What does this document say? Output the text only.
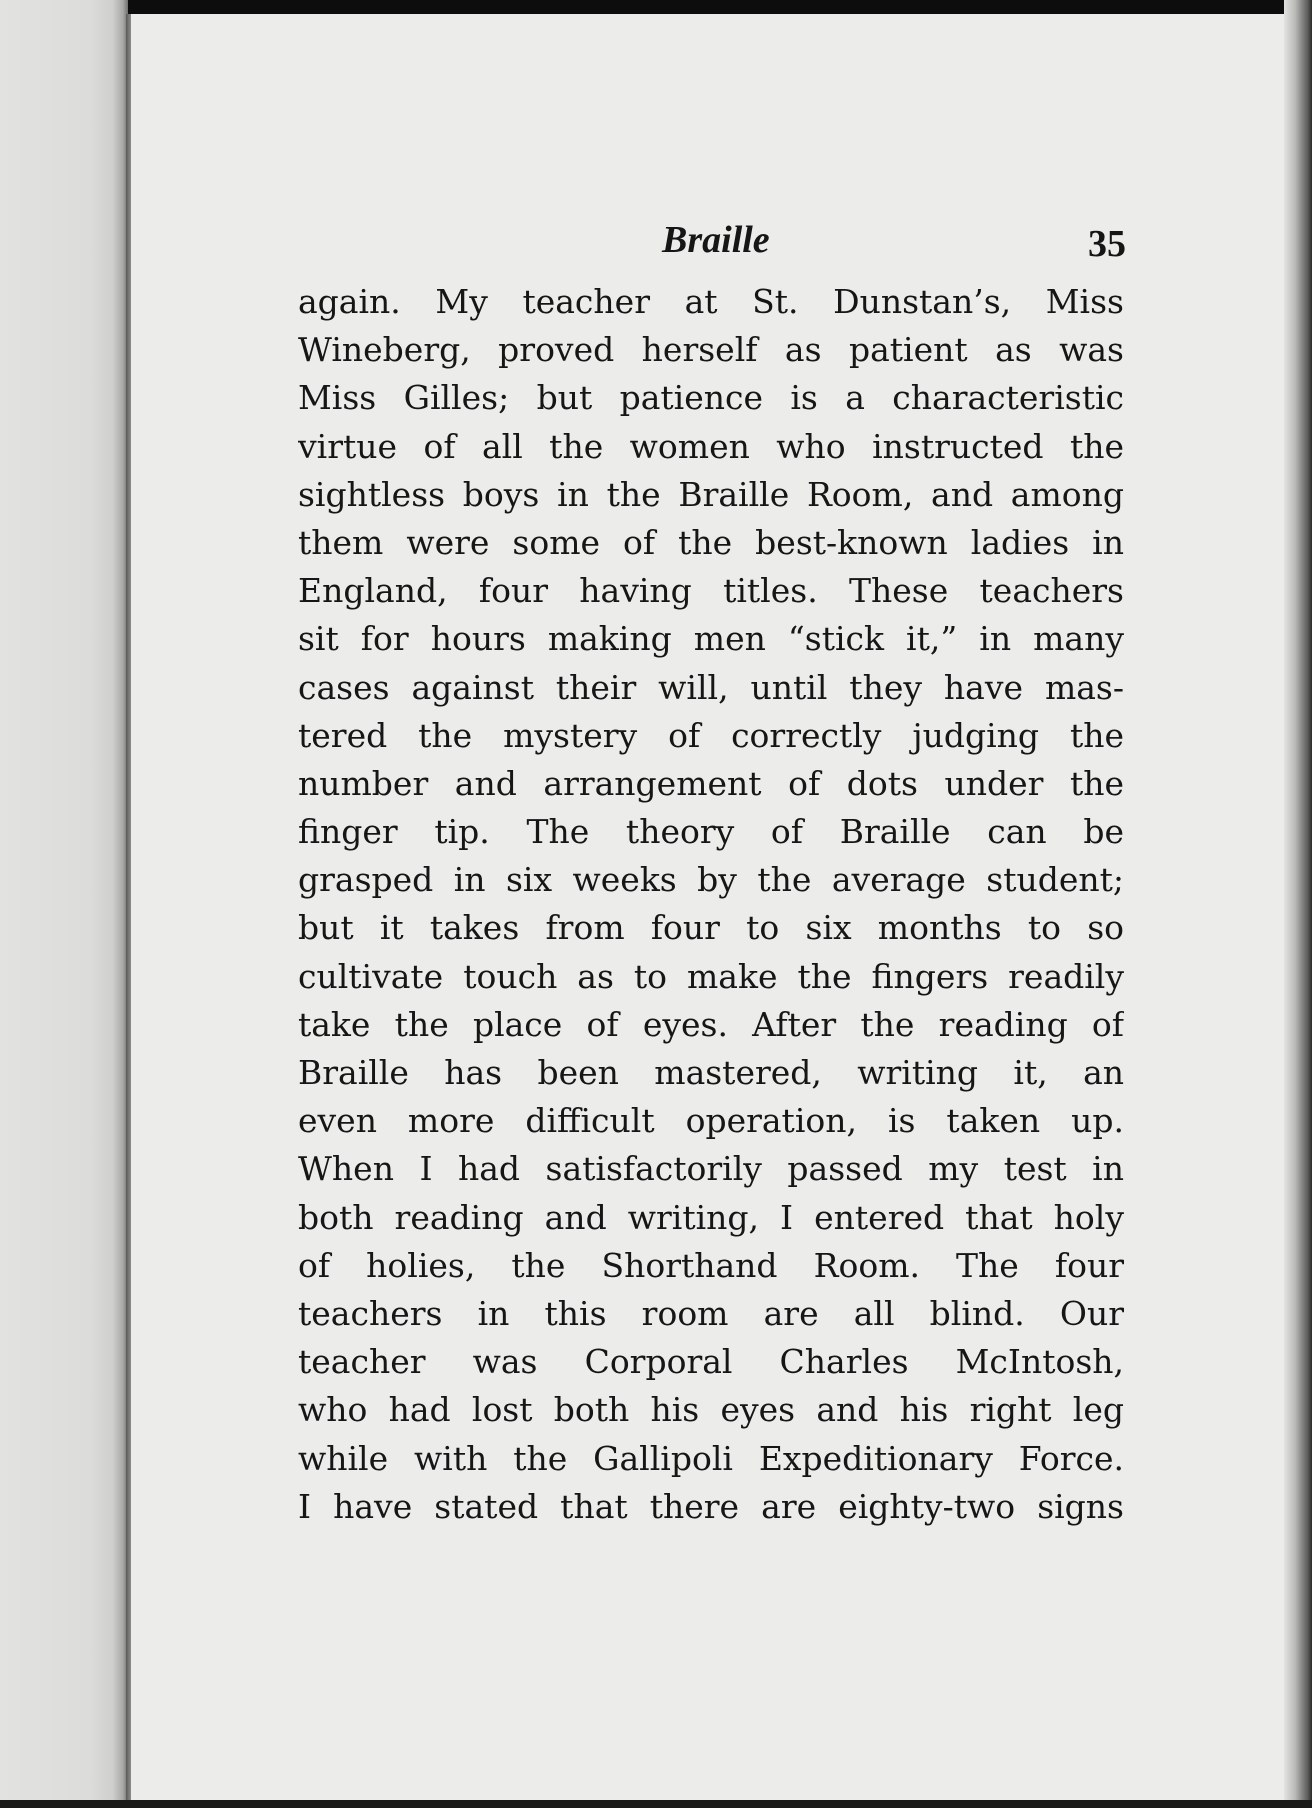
Braille	35
again. My teacher at St. Dunstan’s, Miss
Wineberg, proved herself as patient as was
Miss Gilles; but patience is a characteristic
virtue of all the women who instructed the
sightless boys in the Braille Room, and among
them were some of the best-known ladies in
England, four having titles. These teachers
sit for hours making men “stick it,” in many
cases against their will, until they have mas-
tered the mystery of correctly judging the
number and arrangement of dots under the
finger tip. The theory of Braille can be
grasped in six weeks by the average student;
but it takes from four to six months to so
cultivate touch as to make the fingers readily
take the place of eyes. After the reading of
Braille has been mastered, writing it, an
even more difficult operation, is taken up.
When I had satisfactorily passed my test in
both reading and writing, I entered that holy
of holies, the Shorthand Room. The four
teachers in this room are all blind. Our
teacher was Corporal Charles McIntosh,
who had lost both his eyes and his right leg
while with the Gallipoli Expeditionary Force.
I have stated that there are eighty-two signs
